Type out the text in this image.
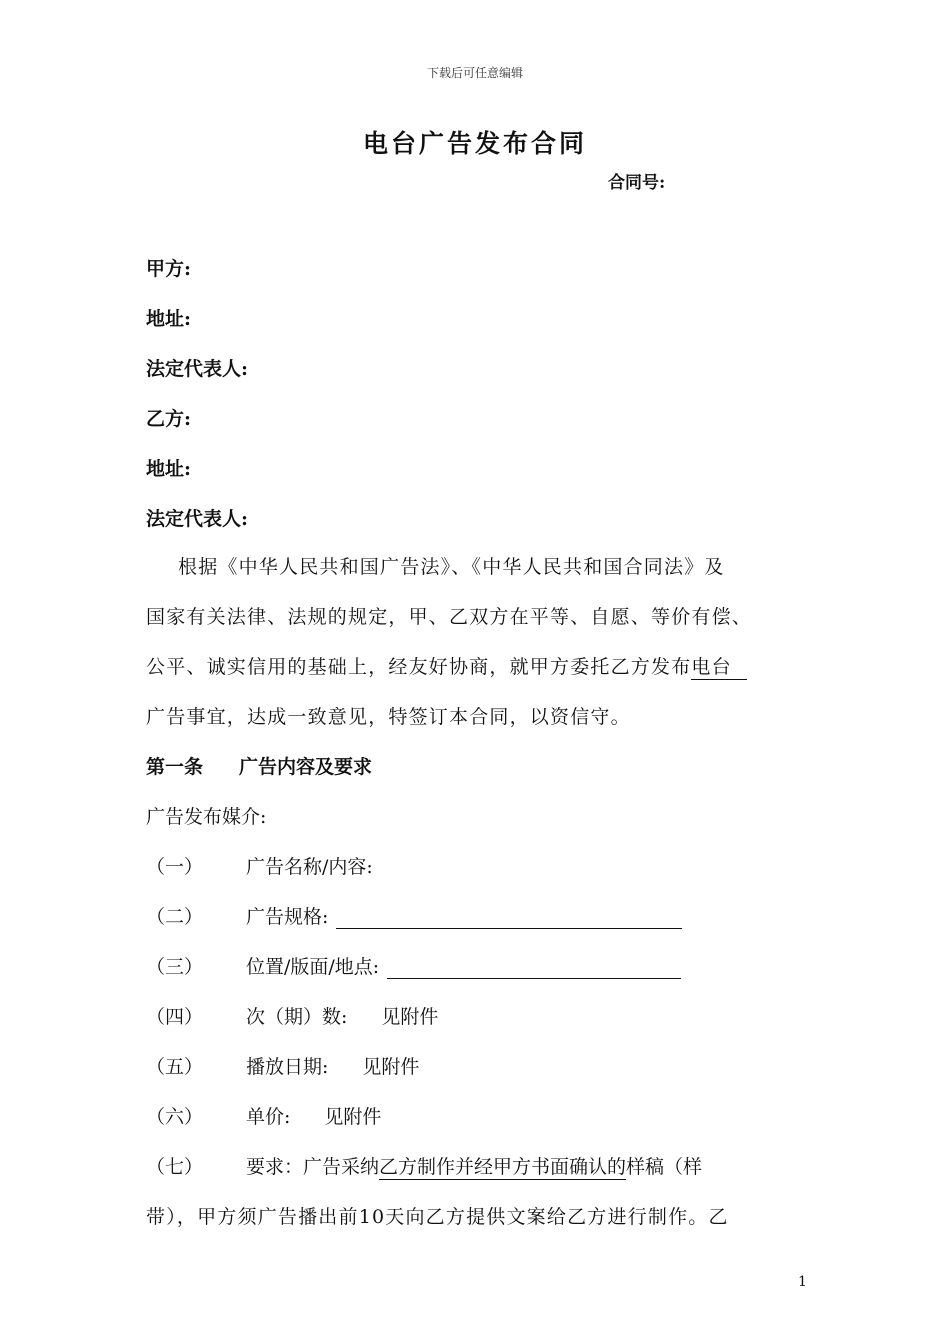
下载后可任意编辑
电台广告发布合同
合同号:
甲方:
地址:
法定代表人:
乙方:
地址:
法定代表人:
根据《中华人民共和国广告法》、《中华人民共和国合同法》及
国家有关法律、法规的规定，甲、乙双方在平等、自愿、等价有偿、
公平、诚实信用的基础上，经友好协商，就甲方委托乙方发布电台
广告事宜，达成一致意见，特签订本合同，以资信守。
第一条 广告内容及要求
广告发布媒介:
（一） 广告名称/内容:
（二） 广告规格:
（三） 位置/版面/地点:
（四） 次（期）数: 见附件
（五） 播放日期: 见附件
（六） 单价: 见附件
（七） 要求：广告采纳乙方制作并经甲方书面确认的样稿（样
带），甲方须广告播出前10天向乙方提供文案给乙方进行制作。乙
1
